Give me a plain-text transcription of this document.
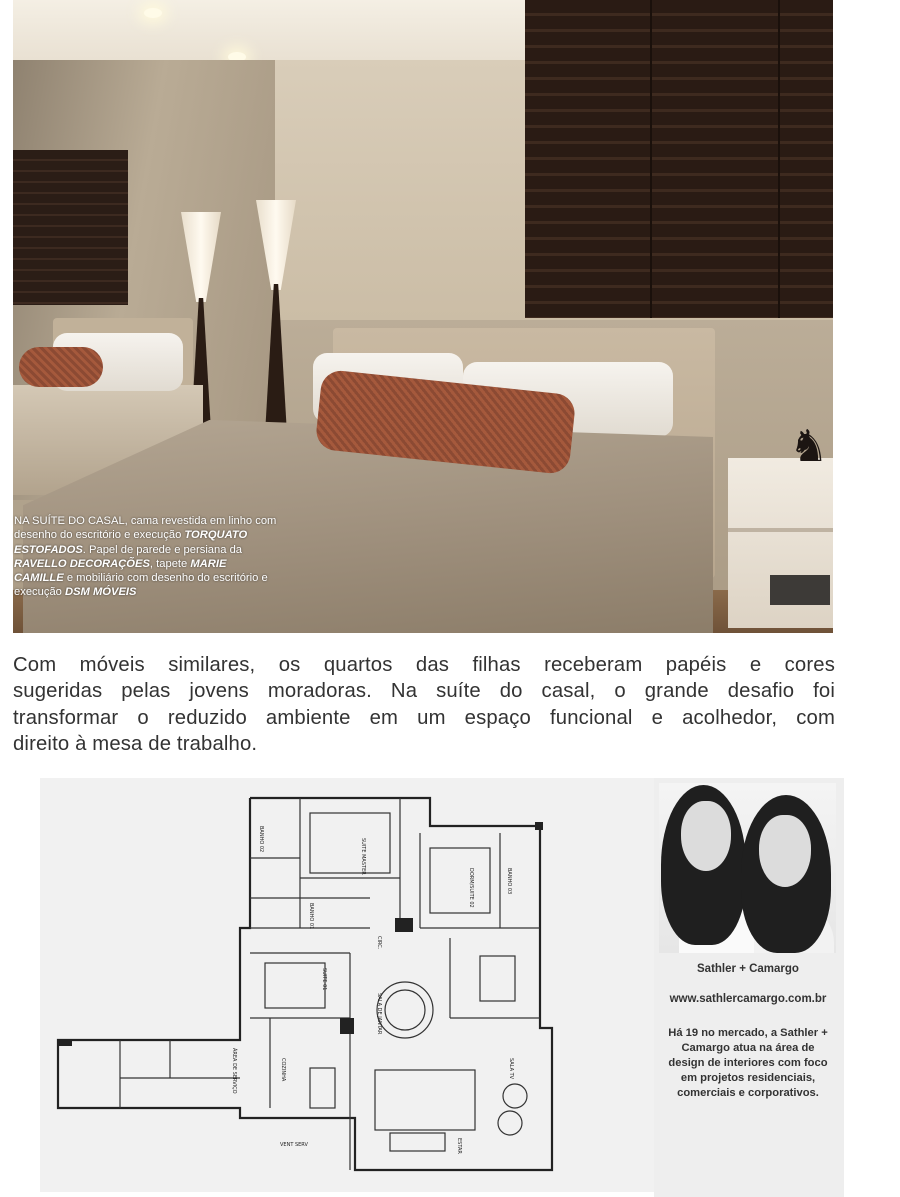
♞
NA SUÍTE DO CASAL, cama revestida em linho com desenho do escritório e execução TORQUATO ESTOFADOS. Papel de parede e persiana da RAVELLO DECORAÇÕES, tapete MARIE CAMILLE e mobiliário com desenho do escritório e execução DSM MÓVEIS
Com móveis similares, os quartos das filhas receberam papéis e cores
sugeridas pelas jovens moradoras. Na suíte do casal, o grande desafio foi
transformar o reduzido ambiente em um espaço funcional e acolhedor, com
direito à mesa de trabalho.
SUITE MASTER
BANHO 02
BANHO 01
DORM/SUITE 02	BANHO 03
SUITE 01
CIRC.
SALA DE JANTAR
SALA TV
COZINHA
ÁREA DE SERVIÇO
ESTAR
VENT SERV
Sathler + Camargo
www.sathlercamargo.com.br
Há 19 no mercado, a Sathler + Camargo atua na área de design de interiores com foco em projetos residenciais, comerciais e corporativos.
